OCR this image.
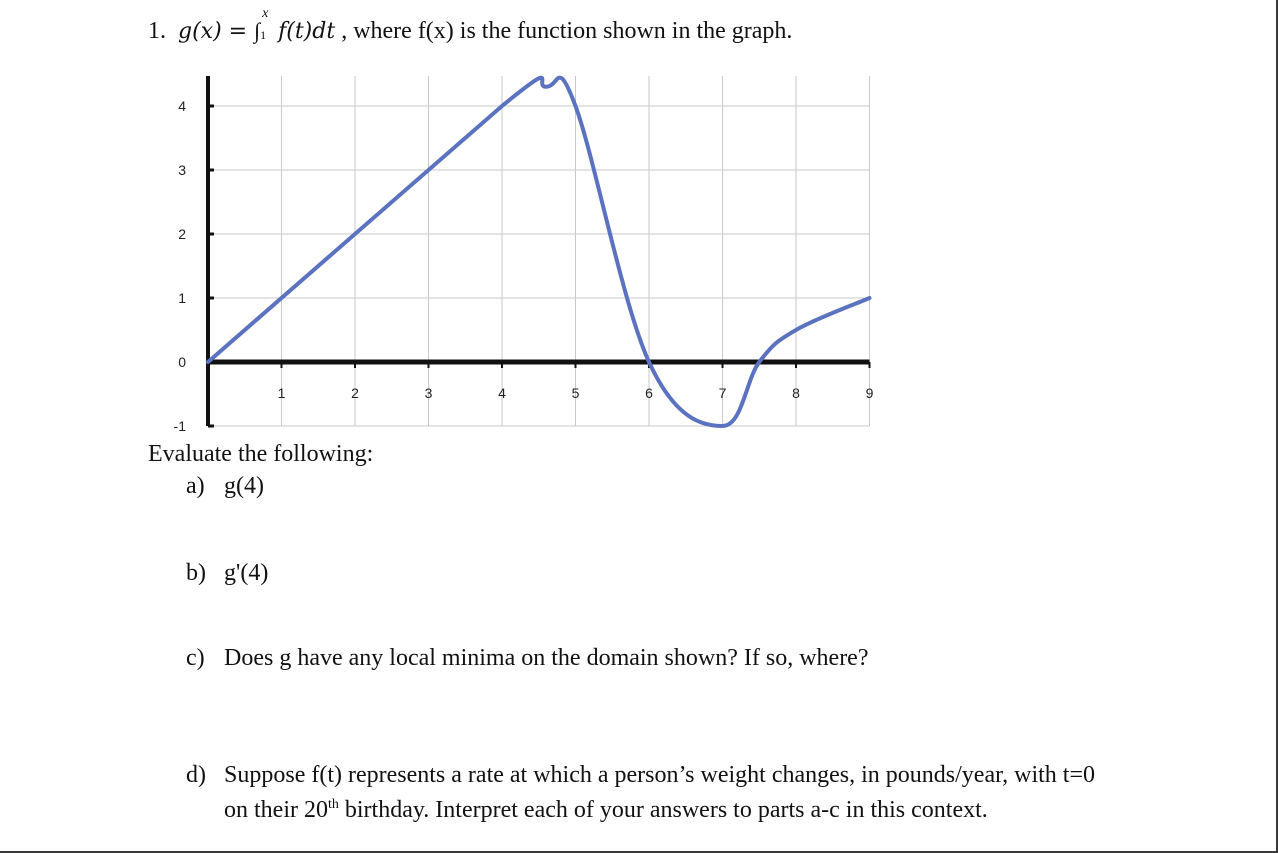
1. g(x) = ∫
x
1 f(t)dt , where f(x) is the function shown in the graph.
-1
0
1
2
3
4
1	2	3	4	5	6	7	8	9
Evaluate the following:
a) g(4)
b) g'(4)
c) Does g have any local minima on the domain shown? If so, where?
d) Suppose f(t) represents a rate at which a person’s weight changes, in pounds/year, with t=0
on their 20th birthday. Interpret each of your answers to parts a-c in this context.
